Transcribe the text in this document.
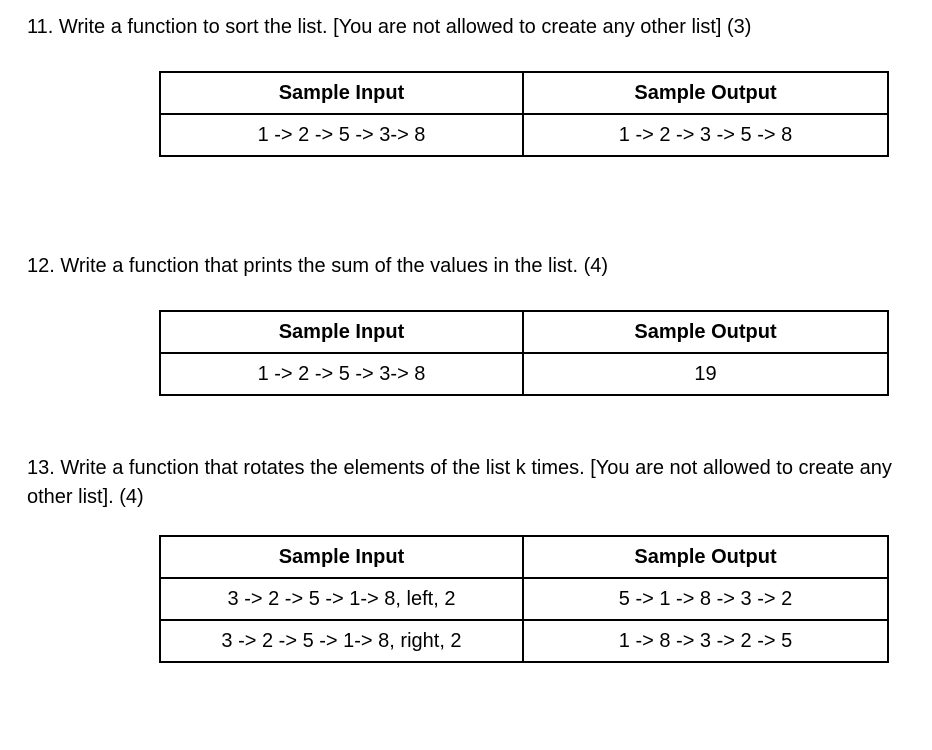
11. Write a function to sort the list. [You are not allowed to create any other list] (3)

Sample Input	Sample Output
1 -> 2 -> 5 -> 3-> 8	1 -> 2 -> 3 -> 5 -> 8

12. Write a function that prints the sum of the values in the list. (4)

Sample Input	Sample Output
1 -> 2 -> 5 -> 3-> 8	19

13. Write a function that rotates the elements of the list k times. [You are not allowed to create any other list]. (4)

Sample Input	Sample Output
3 -> 2 -> 5 -> 1-> 8, left, 2	5 -> 1 -> 8 -> 3 -> 2
3 -> 2 -> 5 -> 1-> 8, right, 2	1 -> 8 -> 3 -> 2 -> 5
